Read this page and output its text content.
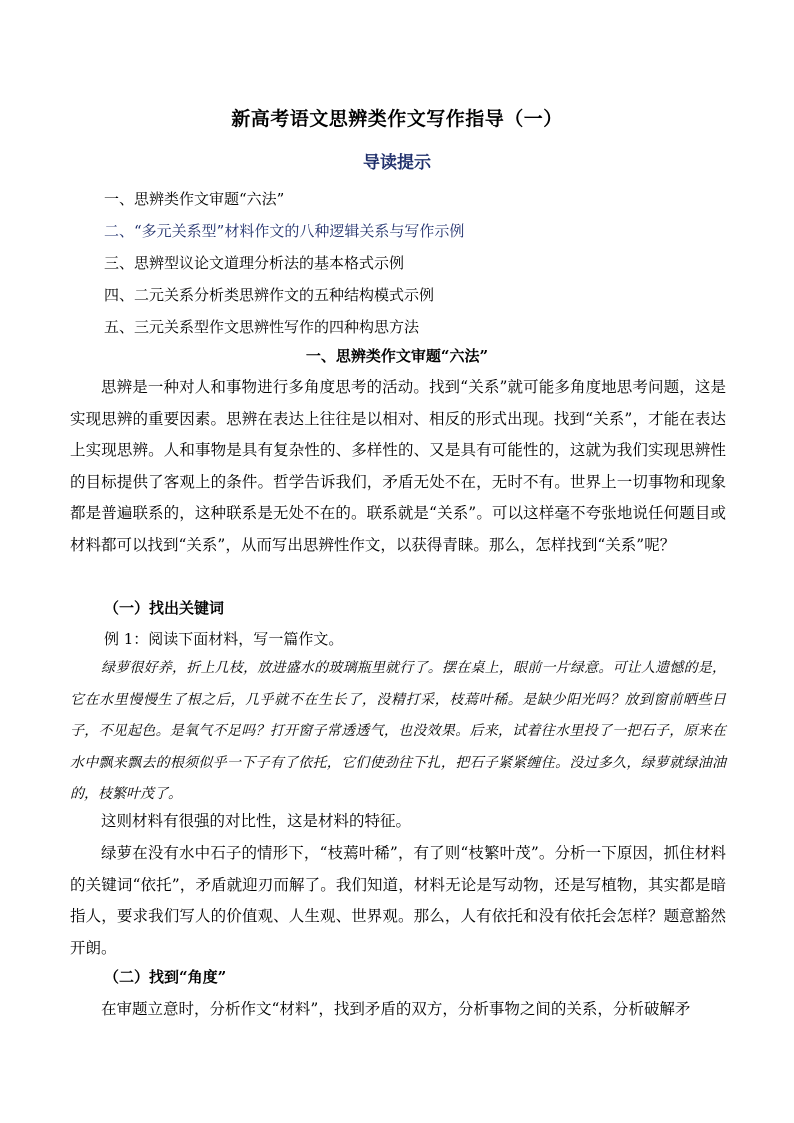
新高考语文思辨类作文写作指导（一）
导读提示
一、思辨类作文审题“六法”
二、“多元关系型”材料作文的八种逻辑关系与写作示例
三、思辨型议论文道理分析法的基本格式示例
四、二元关系分析类思辨作文的五种结构模式示例
五、三元关系型作文思辨性写作的四种构思方法
一、思辨类作文审题“六法”

思辨是一种对人和事物进行多角度思考的活动。找到“关系”就可能多角度地思考问题，这是实现思辨的重要因素。思辨在表达上往往是以相对、相反的形式出现。找到“关系”，才能在表达上实现思辨。人和事物是具有复杂性的、多样性的、又是具有可能性的，这就为我们实现思辨性的目标提供了客观上的条件。哲学告诉我们，矛盾无处不在，无时不有。世界上一切事物和现象都是普遍联系的，这种联系是无处不在的。联系就是“关系”。可以这样毫不夸张地说任何题目或材料都可以找到“关系”，从而写出思辨性作文，以获得青睐。那么，怎样找到“关系”呢？

（一）找出关键词
例 1：阅读下面材料，写一篇作文。

绿萝很好养，折上几枝，放进盛水的玻璃瓶里就行了。摆在桌上，眼前一片绿意。可让人遗憾的是，它在水里慢慢生了根之后，几乎就不在生长了，没精打采，枝蔫叶稀。是缺少阳光吗？放到窗前晒些日子，不见起色。是氧气不足吗？打开窗子常透透气，也没效果。后来，试着往水里投了一把石子，原来在水中飘来飘去的根须似乎一下子有了依托，它们使劲往下扎，把石子紧紧缠住。没过多久，绿萝就绿油油的，枝繁叶茂了。

这则材料有很强的对比性，这是材料的特征。

绿萝在没有水中石子的情形下，“枝蔫叶稀”，有了则“枝繁叶茂”。分析一下原因，抓住材料的关键词“依托”，矛盾就迎刃而解了。我们知道，材料无论是写动物，还是写植物，其实都是暗指人，要求我们写人的价值观、人生观、世界观。那么，人有依托和没有依托会怎样？题意豁然开朗。

（二）找到“角度”

在审题立意时，分析作文“材料”，找到矛盾的双方，分析事物之间的关系，分析破解矛
